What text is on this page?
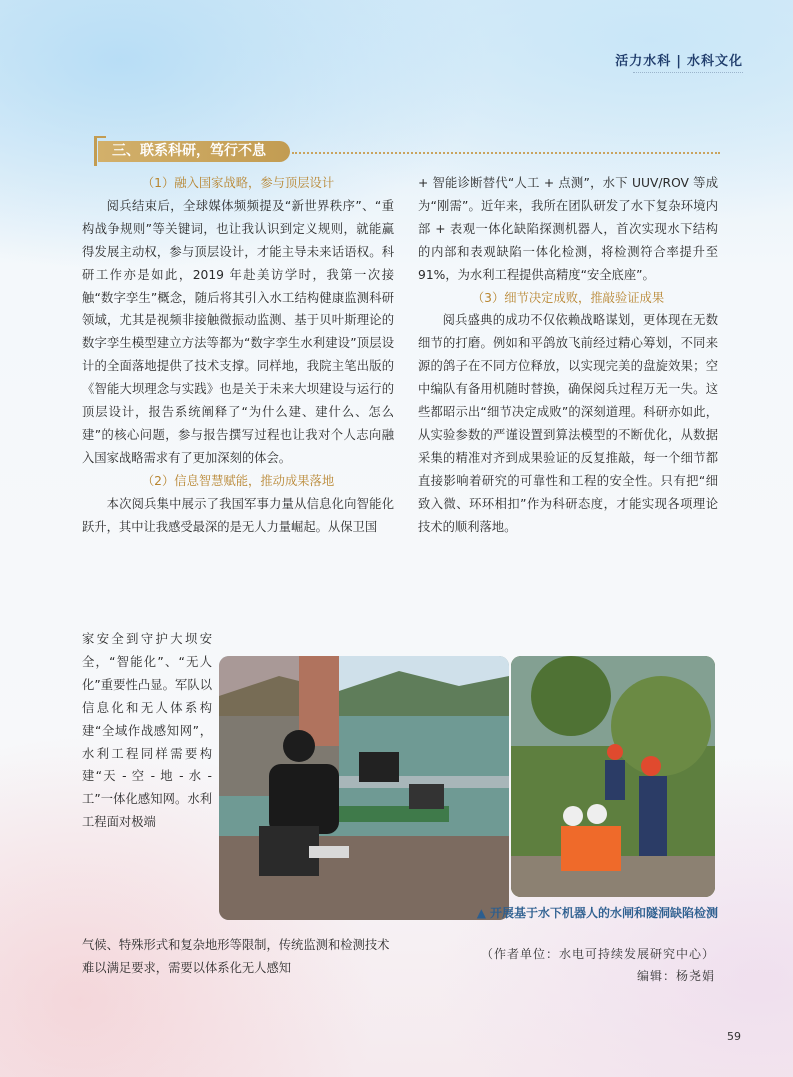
活力水科 | 水科文化
三、联系科研，笃行不息

（1）融入国家战略，参与顶层设计

阅兵结束后，全球媒体频频提及“新世界秩序”、“重构战争规则”等关键词，也让我认识到定义规则，就能赢得发展主动权，参与顶层设计，才能主导未来话语权。科研工作亦是如此，2019 年赴美访学时，我第一次接触“数字孪生”概念，随后将其引入水工结构健康监测科研领域，尤其是视频非接触微振动监测、基于贝叶斯理论的数字孪生模型建立方法等都为“数字孪生水利建设”顶层设计的全面落地提供了技术支撑。同样地，我院主笔出版的《智能大坝理念与实践》也是关于未来大坝建设与运行的顶层设计，报告系统阐释了“为什么建、建什么、怎么建”的核心问题，参与报告撰写过程也让我对个人志向融入国家战略需求有了更加深刻的体会。

（2）信息智慧赋能，推动成果落地

本次阅兵集中展示了我国军事力量从信息化向智能化跃升，其中让我感受最深的是无人力量崛起。从保卫国

家安全到守护大坝安全，“智能化”、“无人化”重要性凸显。军队以信息化和无人体系构建“全域作战感知网”，水利工程同样需要构建“天 - 空 - 地 - 水 - 工”一体化感知网。水利工程面对极端

气候、特殊形式和复杂地形等限制，传统监测和检测技术难以满足要求，需要以体系化无人感知

+ 智能诊断替代“人工 + 点测”，水下 UUV/ROV 等成为“刚需”。近年来，我所在团队研发了水下复杂环境内部 + 表观一体化缺陷探测机器人，首次实现水下结构的内部和表观缺陷一体化检测，将检测符合率提升至 91%，为水利工程提供高精度“安全底座”。

（3）细节决定成败，推敲验证成果

阅兵盛典的成功不仅依赖战略谋划，更体现在无数细节的打磨。例如和平鸽放飞前经过精心筹划，不同来源的鸽子在不同方位释放，以实现完美的盘旋效果；空中编队有备用机随时替换，确保阅兵过程万无一失。这些都昭示出“细节决定成败”的深刻道理。科研亦如此，从实验参数的严谨设置到算法模型的不断优化，从数据采集的精准对齐到成果验证的反复推敲，每一个细节都直接影响着研究的可靠性和工程的安全性。只有把“细致入微、环环相扣”作为科研态度，才能实现各项理论技术的顺利落地。

▲ 开展基于水下机器人的水闸和隧洞缺陷检测
（作者单位：水电可持续发展研究中心）
编辑：杨尧娟
59
